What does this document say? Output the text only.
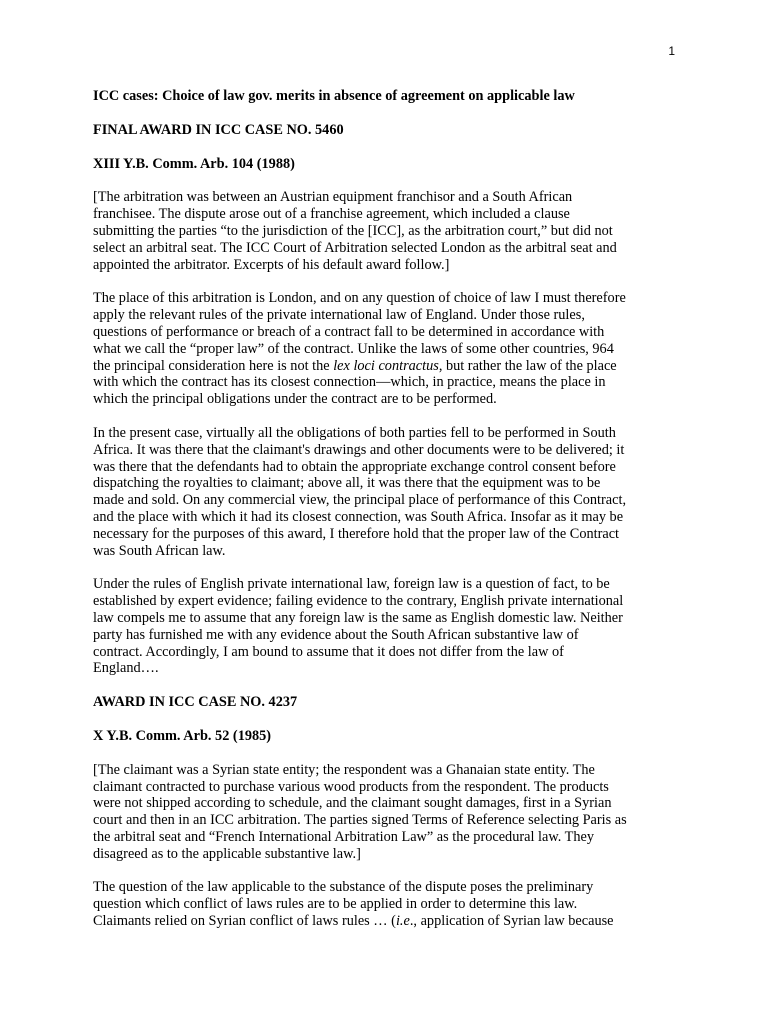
1
ICC cases: Choice of law gov. merits in absence of agreement on applicable law
FINAL AWARD IN ICC CASE NO. 5460
XIII Y.B. Comm. Arb. 104 (1988)
[The arbitration was between an Austrian equipment franchisor and a South African
franchisee. The dispute arose out of a franchise agreement, which included a clause
submitting the parties “to the jurisdiction of the [ICC], as the arbitration court,” but did not
select an arbitral seat. The ICC Court of Arbitration selected London as the arbitral seat and
appointed the arbitrator. Excerpts of his default award follow.]
The place of this arbitration is London, and on any question of choice of law I must therefore
apply the relevant rules of the private international law of England. Under those rules,
questions of performance or breach of a contract fall to be determined in accordance with
what we call the “proper law” of the contract. Unlike the laws of some other countries, 964
the principal consideration here is not the lex loci contractus, but rather the law of the place
with which the contract has its closest connection—which, in practice, means the place in
which the principal obligations under the contract are to be performed.
In the present case, virtually all the obligations of both parties fell to be performed in South
Africa. It was there that the claimant's drawings and other documents were to be delivered; it
was there that the defendants had to obtain the appropriate exchange control consent before
dispatching the royalties to claimant; above all, it was there that the equipment was to be
made and sold. On any commercial view, the principal place of performance of this Contract,
and the place with which it had its closest connection, was South Africa. Insofar as it may be
necessary for the purposes of this award, I therefore hold that the proper law of the Contract
was South African law.
Under the rules of English private international law, foreign law is a question of fact, to be
established by expert evidence; failing evidence to the contrary, English private international
law compels me to assume that any foreign law is the same as English domestic law. Neither
party has furnished me with any evidence about the South African substantive law of
contract. Accordingly, I am bound to assume that it does not differ from the law of
England….
AWARD IN ICC CASE NO. 4237
X Y.B. Comm. Arb. 52 (1985)
[The claimant was a Syrian state entity; the respondent was a Ghanaian state entity. The
claimant contracted to purchase various wood products from the respondent. The products
were not shipped according to schedule, and the claimant sought damages, first in a Syrian
court and then in an ICC arbitration. The parties signed Terms of Reference selecting Paris as
the arbitral seat and “French International Arbitration Law” as the procedural law. They
disagreed as to the applicable substantive law.]
The question of the law applicable to the substance of the dispute poses the preliminary
question which conflict of laws rules are to be applied in order to determine this law.
Claimants relied on Syrian conflict of laws rules … (i.e., application of Syrian law because
